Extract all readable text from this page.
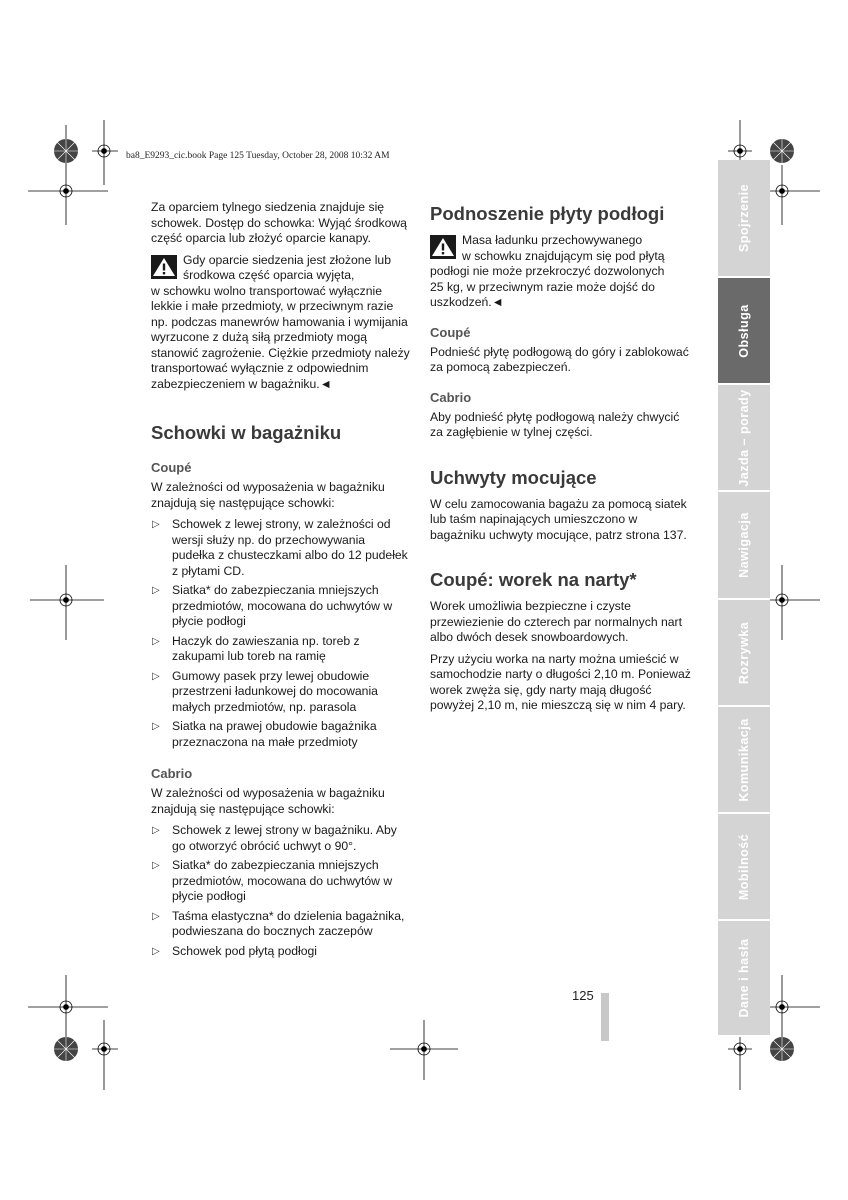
ba8_E9293_cic.book Page 125 Tuesday, October 28, 2008 10:32 AM

Za oparciem tylnego siedzenia znajduje się schowek. Dostęp do schowka: Wyjąć środkową część oparcia lub złożyć oparcie kanapy.

Gdy oparcie siedzenia jest złożone lub
środkowa część oparcia wyjęta,
w schowku wolno transportować wyłącznie
lekkie i małe przedmioty, w przeciwnym razie
np. podczas manewrów hamowania i wymijania
wyrzucone z dużą siłą przedmioty mogą
stanowić zagrożenie. Ciężkie przedmioty należy
transportować wyłącznie z odpowiednim
zabezpieczeniem w bagażniku.◄
Schowki w bagażniku
Coupé

W zależności od wyposażenia w bagażniku znajdują się następujące schowki:

▷ Schowek z lewej strony, w zależności od wersji służy np. do przechowywania pudełka z chusteczkami albo do 12 pudełek z płytami CD.
▷ Siatka* do zabezpieczania mniejszych przedmiotów, mocowana do uchwytów w płycie podłogi
▷ Haczyk do zawieszania np. toreb z zakupami lub toreb na ramię
▷ Gumowy pasek przy lewej obudowie przestrzeni ładunkowej do mocowania małych przedmiotów, np. parasola
▷ Siatka na prawej obudowie bagażnika przeznaczona na małe przedmioty
Cabrio

W zależności od wyposażenia w bagażniku znajdują się następujące schowki:

▷ Schowek z lewej strony w bagażniku. Aby go otworzyć obrócić uchwyt o 90°.
▷ Siatka* do zabezpieczania mniejszych przedmiotów, mocowana do uchwytów w płycie podłogi
▷ Taśma elastyczna* do dzielenia bagażnika, podwieszana do bocznych zaczepów
▷ Schowek pod płytą podłogi
Podnoszenie płyty podłogi
Masa ładunku przechowywanego
w schowku znajdującym się pod płytą
podłogi nie może przekroczyć dozwolonych
25 kg, w przeciwnym razie może dojść do
uszkodzeń.◄
Coupé

Podnieść płytę podłogową do góry i zablokować za pomocą zabezpieczeń.

Cabrio

Aby podnieść płytę podłogową należy chwycić za zagłębienie w tylnej części.

Uchwyty mocujące

W celu zamocowania bagażu za pomocą siatek lub taśm napinających umieszczono w bagażniku uchwyty mocujące, patrz strona 137.

Coupé: worek na narty*

Worek umożliwia bezpieczne i czyste przewiezienie do czterech par normalnych nart albo dwóch desek snowboardowych.

Przy użyciu worka na narty można umieścić w samochodzie narty o długości 2,10 m. Ponieważ worek zwęża się, gdy narty mają długość powyżej 2,10 m, nie mieszczą się w nim 4 pary.

Spojrzenie
Obsługa
Jazda – porady
Nawigacja
Rozrywka
Komunikacja
Mobilność
Dane i hasła
125
